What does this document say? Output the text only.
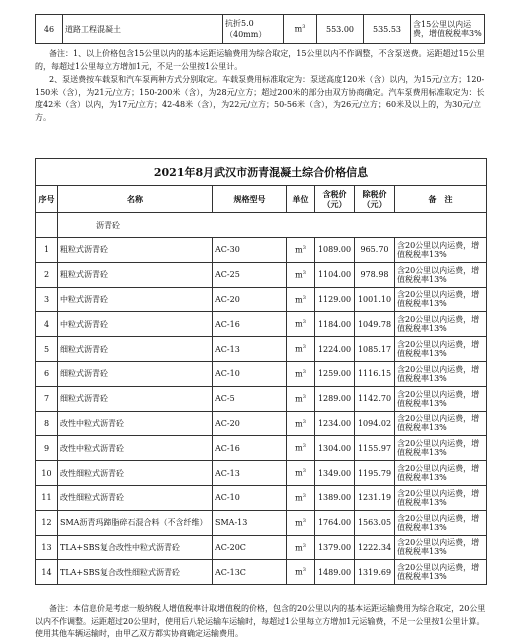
46	道路工程混凝土	抗折5.0（40mm）	$m^3$	553.00	535.53	含15公里以内运费，增值税税率3%

备注：1、以上价格包含15公里以内的基本运距运输费用为综合取定，15公里以内不作调整，不含泵送费。运距超过15公里的，每超过1公里每立方增加1元，不足一公里按1公里计。

2、泵送费按车载泵和汽车泵两种方式分别取定。车载泵费用标准取定为：泵送高度120米（含）以内，为15元/立方；120-150米（含），为21元/立方；150-200米（含），为28元/立方；超过200米的部分由双方协商确定。汽车泵费用标准取定为：长度42米（含）以内，为17元/立方；42-48米（含），为22元/立方；50-56米（含），为26元/立方；60米及以上的，为30元/立方。

2021年8月武汉市沥青混凝土综合价格信息						
序号	名称	规格型号	单位	含税价（元）	除税价（元）	备　注
	沥青砼					
1	粗粒式沥青砼	AC-30	$m^3$	1089.00	965.70	含20公里以内运费，增值税税率13%
2	粗粒式沥青砼	AC-25	$m^3$	1104.00	978.98	含20公里以内运费，增值税税率13%
3	中粒式沥青砼	AC-20	$m^3$	1129.00	1001.10	含20公里以内运费，增值税税率13%
4	中粒式沥青砼	AC-16	$m^3$	1184.00	1049.78	含20公里以内运费，增值税税率13%
5	细粒式沥青砼	AC-13	$m^3$	1224.00	1085.17	含20公里以内运费，增值税税率13%
6	细粒式沥青砼	AC-10	$m^3$	1259.00	1116.15	含20公里以内运费，增值税税率13%
7	细粒式沥青砼	AC-5	$m^3$	1289.00	1142.70	含20公里以内运费，增值税税率13%
8	改性中粒式沥青砼	AC-20	$m^3$	1234.00	1094.02	含20公里以内运费，增值税税率13%
9	改性中粒式沥青砼	AC-16	$m^3$	1304.00	1155.97	含20公里以内运费，增值税税率13%
10	改性细粒式沥青砼	AC-13	$m^3$	1349.00	1195.79	含20公里以内运费，增值税税率13%
11	改性细粒式沥青砼	AC-10	$m^3$	1389.00	1231.19	含20公里以内运费，增值税税率13%
12	SMA沥青玛蹄脂碎石混合料（不含纤维）	SMA-13	$m^3$	1764.00	1563.05	含20公里以内运费，增值税税率13%
13	TLA+SBS复合改性中粒式沥青砼	AC-20C	$m^3$	1379.00	1222.34	含20公里以内运费，增值税税率13%
14	TLA+SBS复合改性细粒式沥青砼	AC-13C	$m^3$	1489.00	1319.69	含20公里以内运费，增值税税率13%

备注：本信息价是考虑一般纳税人增值税率计取增值税的价格，包含的20公里以内的基本运距运输费用为综合取定，20公里以内不作调整。运距超过20公里时，使用后八轮运输车运输时，每超过1公里每立方增加1元运输费，不足一公里按1公里计算。使用其他车辆运输时，由甲乙双方都实协商确定运输费用。
